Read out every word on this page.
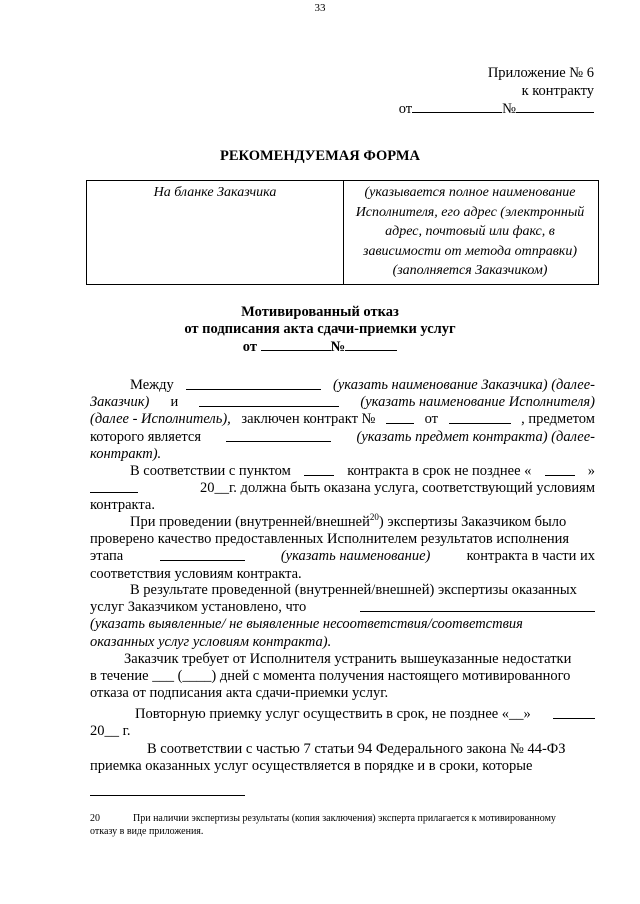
33
Приложение № 6
к контракту
от	№
РЕКОМЕНДУЕМАЯ ФОРМА
На бланке Заказчика	(указывается полное наименование
Исполнителя, его адрес (электронный
адрес, почтовый или факс, в
зависимости от метода отправки)
(заполняется Заказчиком)
Мотивированный отказ
от подписания акта сдачи-приемки услуг
от	№
Между	(указать наименование Заказчика) (далее-
Заказчик) и	(указать наименование Исполнителя)
(далее - Исполнитель), заключен контракт №	от	, предметом
которого является	(указать предмет контракта) (далее-
контракт).
В соответствии с пунктом	контракта в срок не позднее «	»
20__г. должна быть оказана услуга, соответствующий условиям
контракта.
При проведении (внутренней/внешней$^{20}$) экспертизы Заказчиком было
проверено качество предоставленных Исполнителем результатов исполнения
этапа	(указать наименование)	контракта в части их
соответствия условиям контракта.
В результате проведенной (внутренней/внешней) экспертизы оказанных
услуг Заказчиком установлено, что
(указать выявленные/ не выявленные несоответствия/соответствия
оказанных услуг условиям контракта).
Заказчик требует от Исполнителя устранить вышеуказанные недостатки
в течение ___ (____) дней с момента получения настоящего мотивированного
отказа от подписания акта сдачи-приемки услуг.
Повторную приемку услуг осуществить в срок, не позднее «__»
20__ г.
В соответствии с частью 7 статьи 94 Федерального закона № 44-ФЗ
приемка оказанных услуг осуществляется в порядке и в сроки, которые
20	При наличии экспертизы результаты (копия заключения) эксперта прилагается к мотивированному
отказу в виде приложения.
